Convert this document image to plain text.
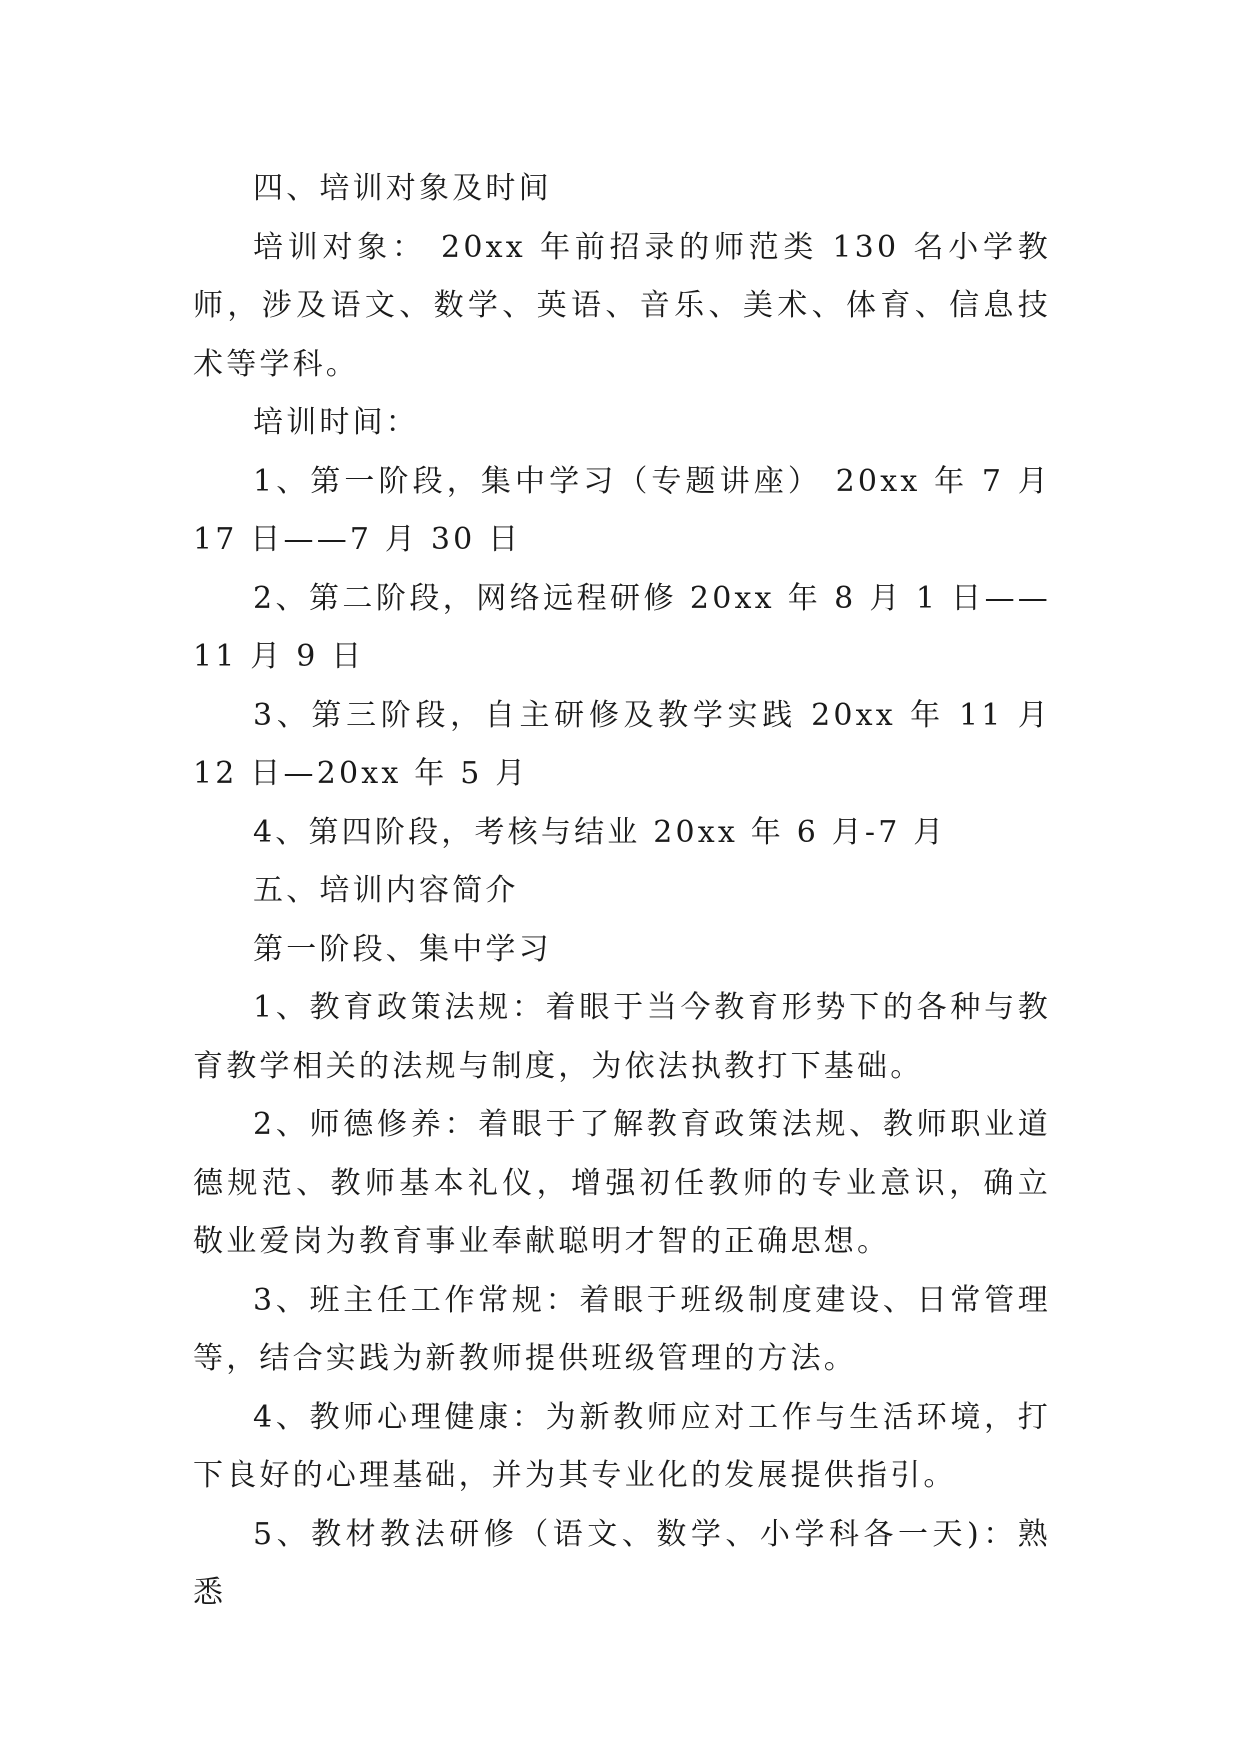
四、培训对象及时间

培训对象： 20xx 年前招录的师范类 130 名小学教师，涉及语文、数学、英语、音乐、美术、体育、信息技术等学科。

培训时间：

1、第一阶段，集中学习（专题讲座） 20xx 年 7 月 17 日——7 月 30 日

2、第二阶段，网络远程研修 20xx 年 8 月 1 日——11 月 9 日

3、第三阶段，自主研修及教学实践 20xx 年 11 月 12 日—20xx 年 5 月

4、第四阶段，考核与结业 20xx 年 6 月-7 月

五、培训内容简介

第一阶段、集中学习

1、教育政策法规：着眼于当今教育形势下的各种与教育教学相关的法规与制度，为依法执教打下基础。

2、师德修养：着眼于了解教育政策法规、教师职业道德规范、教师基本礼仪，增强初任教师的专业意识，确立敬业爱岗为教育事业奉献聪明才智的正确思想。

3、班主任工作常规：着眼于班级制度建设、日常管理等，结合实践为新教师提供班级管理的方法。

4、教师心理健康：为新教师应对工作与生活环境，打下良好的心理基础，并为其专业化的发展提供指引。

5、教材教法研修（语文、数学、小学科各一天)：熟悉
